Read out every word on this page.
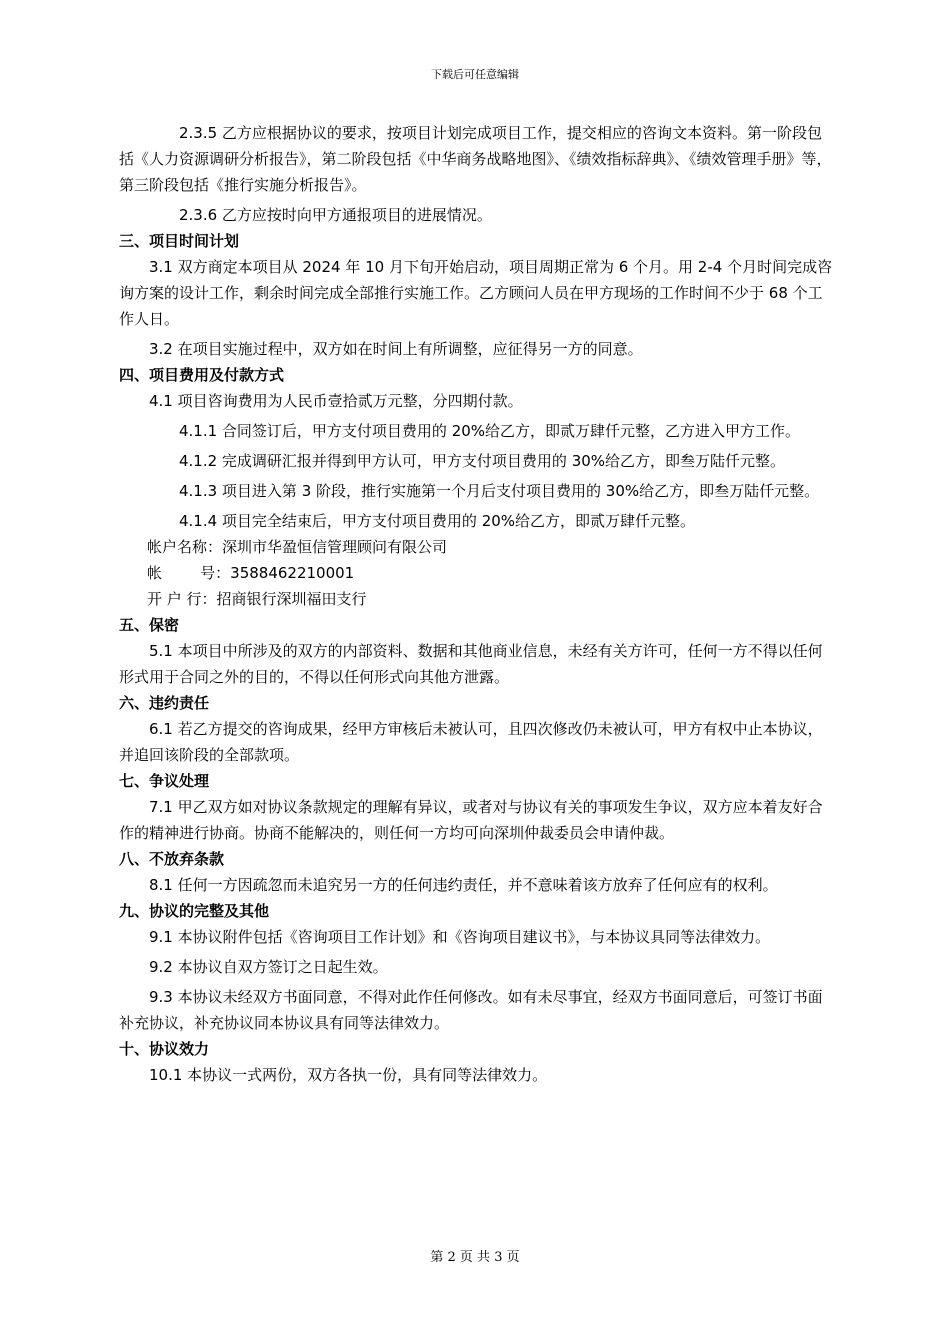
下载后可任意编辑

2.3.5 乙方应根据协议的要求，按项目计划完成项目工作，提交相应的咨询文本资料。第一阶段包括《人力资源调研分析报告》，第二阶段包括《中华商务战略地图》、《绩效指标辞典》、《绩效管理手册》等，第三阶段包括《推行实施分析报告》。

2.3.6 乙方应按时向甲方通报项目的进展情况。

三、项目时间计划

3.1 双方商定本项目从 2024 年 10 月下旬开始启动，项目周期正常为 6 个月。用 2-4 个月时间完成咨询方案的设计工作，剩余时间完成全部推行实施工作。乙方顾问人员在甲方现场的工作时间不少于 68 个工作人日。

3.2 在项目实施过程中，双方如在时间上有所调整，应征得另一方的同意。

四、项目费用及付款方式

4.1 项目咨询费用为人民币壹拾贰万元整，分四期付款。

4.1.1 合同签订后，甲方支付项目费用的 20%给乙方，即贰万肆仟元整，乙方进入甲方工作。

4.1.2 完成调研汇报并得到甲方认可，甲方支付项目费用的 30%给乙方，即叁万陆仟元整。

4.1.3 项目进入第 3 阶段，推行实施第一个月后支付项目费用的 30%给乙方，即叁万陆仟元整。

4.1.4 项目完全结束后，甲方支付项目费用的 20%给乙方，即贰万肆仟元整。

帐户名称：深圳市华盈恒信管理顾问有限公司

帐        号：3588462210001

开 户 行：招商银行深圳福田支行

五、保密

5.1 本项目中所涉及的双方的内部资料、数据和其他商业信息，未经有关方许可，任何一方不得以任何形式用于合同之外的目的，不得以任何形式向其他方泄露。

六、违约责任

6.1 若乙方提交的咨询成果，经甲方审核后未被认可，且四次修改仍未被认可，甲方有权中止本协议，并追回该阶段的全部款项。

七、争议处理

7.1 甲乙双方如对协议条款规定的理解有异议，或者对与协议有关的事项发生争议，双方应本着友好合作的精神进行协商。协商不能解决的，则任何一方均可向深圳仲裁委员会申请仲裁。

八、不放弃条款

8.1 任何一方因疏忽而未追究另一方的任何违约责任，并不意味着该方放弃了任何应有的权利。

九、协议的完整及其他

9.1 本协议附件包括《咨询项目工作计划》和《咨询项目建议书》，与本协议具同等法律效力。

9.2 本协议自双方签订之日起生效。

9.3 本协议未经双方书面同意，不得对此作任何修改。如有未尽事宜，经双方书面同意后，可签订书面补充协议，补充协议同本协议具有同等法律效力。

十、协议效力

10.1 本协议一式两份，双方各执一份，具有同等法律效力。

第 2 页 共 3 页
